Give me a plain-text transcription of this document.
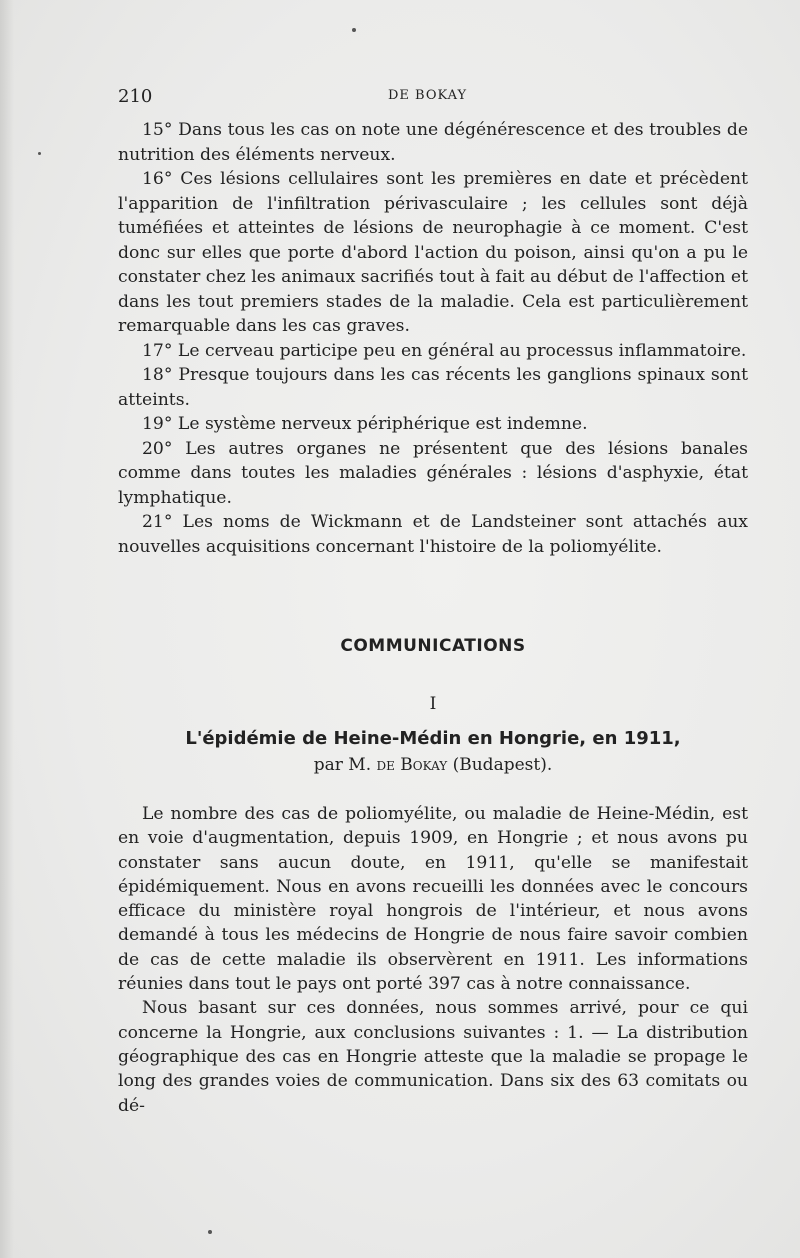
210	DE BOKAY

15° Dans tous les cas on note une dégénérescence et des troubles de nutrition des éléments nerveux.

16° Ces lésions cellulaires sont les premières en date et précèdent l'apparition de l'infiltration périvasculaire ; les cellules sont déjà tuméfiées et atteintes de lésions de neurophagie à ce moment. C'est donc sur elles que porte d'abord l'action du poison, ainsi qu'on a pu le constater chez les animaux sacrifiés tout à fait au début de l'affection et dans les tout premiers stades de la maladie. Cela est particulièrement remarquable dans les cas graves.

17° Le cerveau participe peu en général au processus inflammatoire.

18° Presque toujours dans les cas récents les ganglions spinaux sont atteints.

19° Le système nerveux périphérique est indemne.

20° Les autres organes ne présentent que des lésions banales comme dans toutes les maladies générales : lésions d'asphyxie, état lymphatique.

21° Les noms de Wickmann et de Landsteiner sont attachés aux nouvelles acquisitions concernant l'histoire de la poliomyélite.

COMMUNICATIONS
I
L'épidémie de Heine-Médin en Hongrie, en 1911,
par M. de Bokay (Budapest).

Le nombre des cas de poliomyélite, ou maladie de Heine-Médin, est en voie d'augmentation, depuis 1909, en Hongrie ; et nous avons pu constater sans aucun doute, en 1911, qu'elle se manifestait épidémiquement. Nous en avons recueilli les données avec le concours efficace du ministère royal hongrois de l'intérieur, et nous avons demandé à tous les médecins de Hongrie de nous faire savoir combien de cas de cette maladie ils observèrent en 1911. Les informations réunies dans tout le pays ont porté 397 cas à notre connaissance.

Nous basant sur ces données, nous sommes arrivé, pour ce qui concerne la Hongrie, aux conclusions suivantes : 1. — La distribution géographique des cas en Hongrie atteste que la maladie se propage le long des grandes voies de communication. Dans six des 63 comitats ou dé-
